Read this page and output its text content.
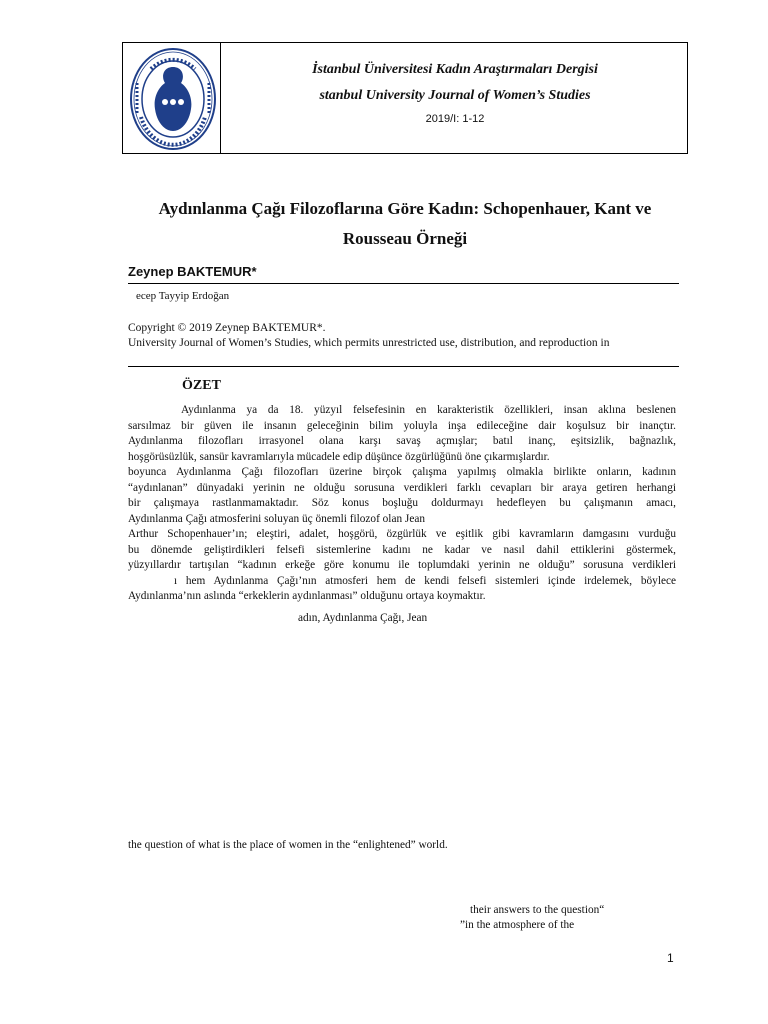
İstanbul Üniversitesi Kadın Araştırmaları Dergisi
stanbul University Journal of Women’s Studies
2019/I: 1-12
Aydınlanma Çağı Filozoflarına Göre Kadın: Schopenhauer, Kant ve
Rousseau Örneği
Zeynep BAKTEMUR*
ecep Tayyip Erdoğan
Copyright © 2019 Zeynep BAKTEMUR*.
University Journal of Women’s Studies, which permits unrestricted use, distribution, and reproduction in
ÖZET
Aydınlanma ya da 18. yüzyıl felsefesinin en karakteristik özellikleri, insan aklına beslenen
sarsılmaz bir güven ile insanın geleceğinin bilim yoluyla inşa edileceğine dair koşulsuz bir inançtır.
Aydınlanma filozofları irrasyonel olana karşı savaş açmışlar; batıl inanç, eşitsizlik, bağnazlık,
hoşgörüsüzlük, sansür kavramlarıyla mücadele edip düşünce özgürlüğünü öne çıkarmışlardır.
boyunca Aydınlanma Çağı filozofları üzerine birçok çalışma yapılmış olmakla birlikte onların, kadının
“aydınlanan” dünyadaki yerinin ne olduğu sorusuna verdikleri farklı cevapları bir araya getiren herhangi
bir çalışmaya rastlanmamaktadır. Söz konus boşluğu doldurmayı hedefleyen bu çalışmanın amacı,
Aydınlanma Çağı atmosferini soluyan üç önemli filozof olan Jean
Arthur Schopenhauer’ın; eleştiri, adalet, hoşgörü, özgürlük ve eşitlik gibi kavramların damgasını vurduğu
bu dönemde geliştirdikleri felsefi sistemlerine kadını ne kadar ve nasıl dahil ettiklerini göstermek,
yüzyıllardır tartışılan “kadının erkeğe göre konumu ile toplumdaki yerinin ne olduğu” sorusuna verdikleri
ı hem Aydınlanma Çağı’nın atmosferi hem de kendi felsefi sistemleri içinde irdelemek, böylece
Aydınlanma’nın aslında “erkeklerin aydınlanması” olduğunu ortaya koymaktır.
adın, Aydınlanma Çağı, Jean
the question of what is the place of women in the “enlightened” world.
their answers to the question“
”in the atmosphere of the
1
